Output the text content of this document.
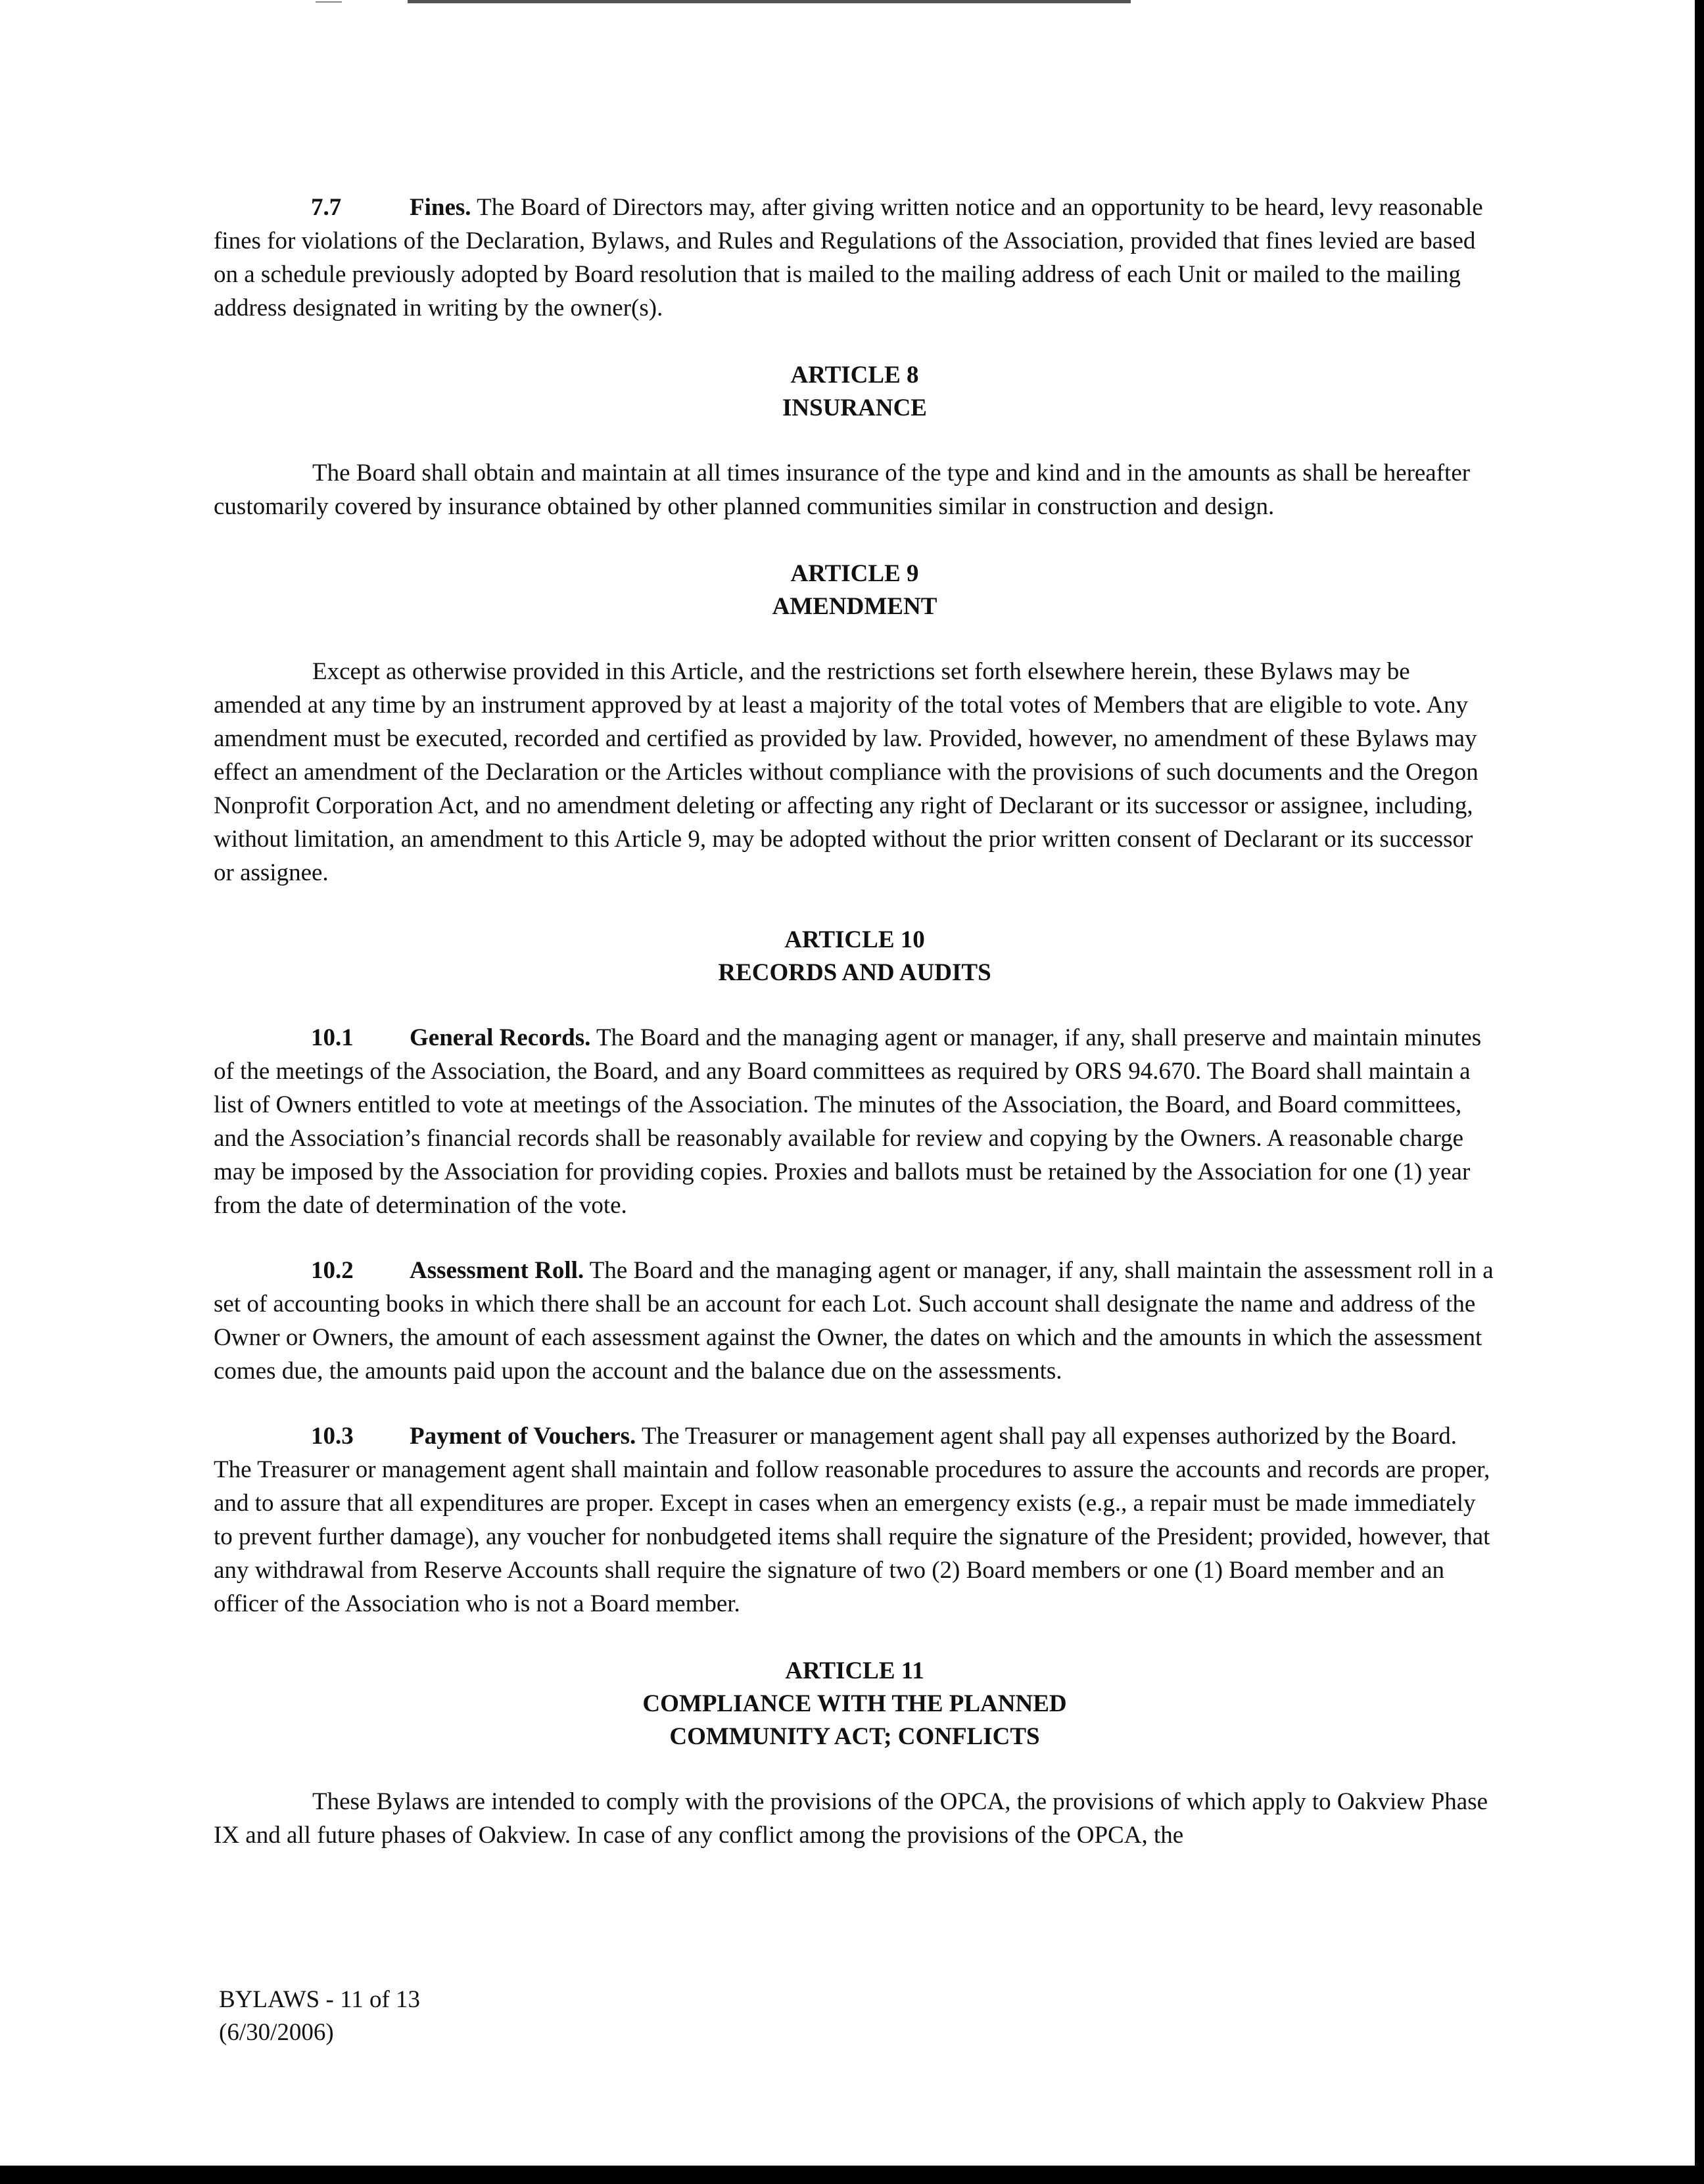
7.7	Fines. The Board of Directors may, after giving written notice and an opportunity to be heard, levy reasonable fines for violations of the Declaration, Bylaws, and Rules and Regulations of the Association, provided that fines levied are based on a schedule previously adopted by Board resolution that is mailed to the mailing address of each Unit or mailed to the mailing address designated in writing by the owner(s).

ARTICLE 8
INSURANCE

The Board shall obtain and maintain at all times insurance of the type and kind and in the amounts as shall be hereafter customarily covered by insurance obtained by other planned communities similar in construction and design.

ARTICLE 9
AMENDMENT

Except as otherwise provided in this Article, and the restrictions set forth elsewhere herein, these Bylaws may be amended at any time by an instrument approved by at least a majority of the total votes of Members that are eligible to vote. Any amendment must be executed, recorded and certified as provided by law. Provided, however, no amendment of these Bylaws may effect an amendment of the Declaration or the Articles without compliance with the provisions of such documents and the Oregon Nonprofit Corporation Act, and no amendment deleting or affecting any right of Declarant or its successor or assignee, including, without limitation, an amendment to this Article 9, may be adopted without the prior written consent of Declarant or its successor or assignee.

ARTICLE 10
RECORDS AND AUDITS

10.1 General Records. The Board and the managing agent or manager, if any, shall preserve and maintain minutes of the meetings of the Association, the Board, and any Board committees as required by ORS 94.670. The Board shall maintain a list of Owners entitled to vote at meetings of the Association. The minutes of the Association, the Board, and Board committees, and the Association’s financial records shall be reasonably available for review and copying by the Owners. A reasonable charge may be imposed by the Association for providing copies. Proxies and ballots must be retained by the Association for one (1) year from the date of determination of the vote.

10.2 Assessment Roll. The Board and the managing agent or manager, if any, shall maintain the assessment roll in a set of accounting books in which there shall be an account for each Lot. Such account shall designate the name and address of the Owner or Owners, the amount of each assessment against the Owner, the dates on which and the amounts in which the assessment comes due, the amounts paid upon the account and the balance due on the assessments.

10.3 Payment of Vouchers. The Treasurer or management agent shall pay all expenses authorized by the Board. The Treasurer or management agent shall maintain and follow reasonable procedures to assure the accounts and records are proper, and to assure that all expenditures are proper. Except in cases when an emergency exists (e.g., a repair must be made immediately to prevent further damage), any voucher for nonbudgeted items shall require the signature of the President; provided, however, that any withdrawal from Reserve Accounts shall require the signature of two (2) Board members or one (1) Board member and an officer of the Association who is not a Board member.

ARTICLE 11
COMPLIANCE WITH THE PLANNED
COMMUNITY ACT; CONFLICTS

These Bylaws are intended to comply with the provisions of the OPCA, the provisions of which apply to Oakview Phase IX and all future phases of Oakview. In case of any conflict among the provisions of the OPCA, the

BYLAWS - 11 of 13
(6/30/2006)
